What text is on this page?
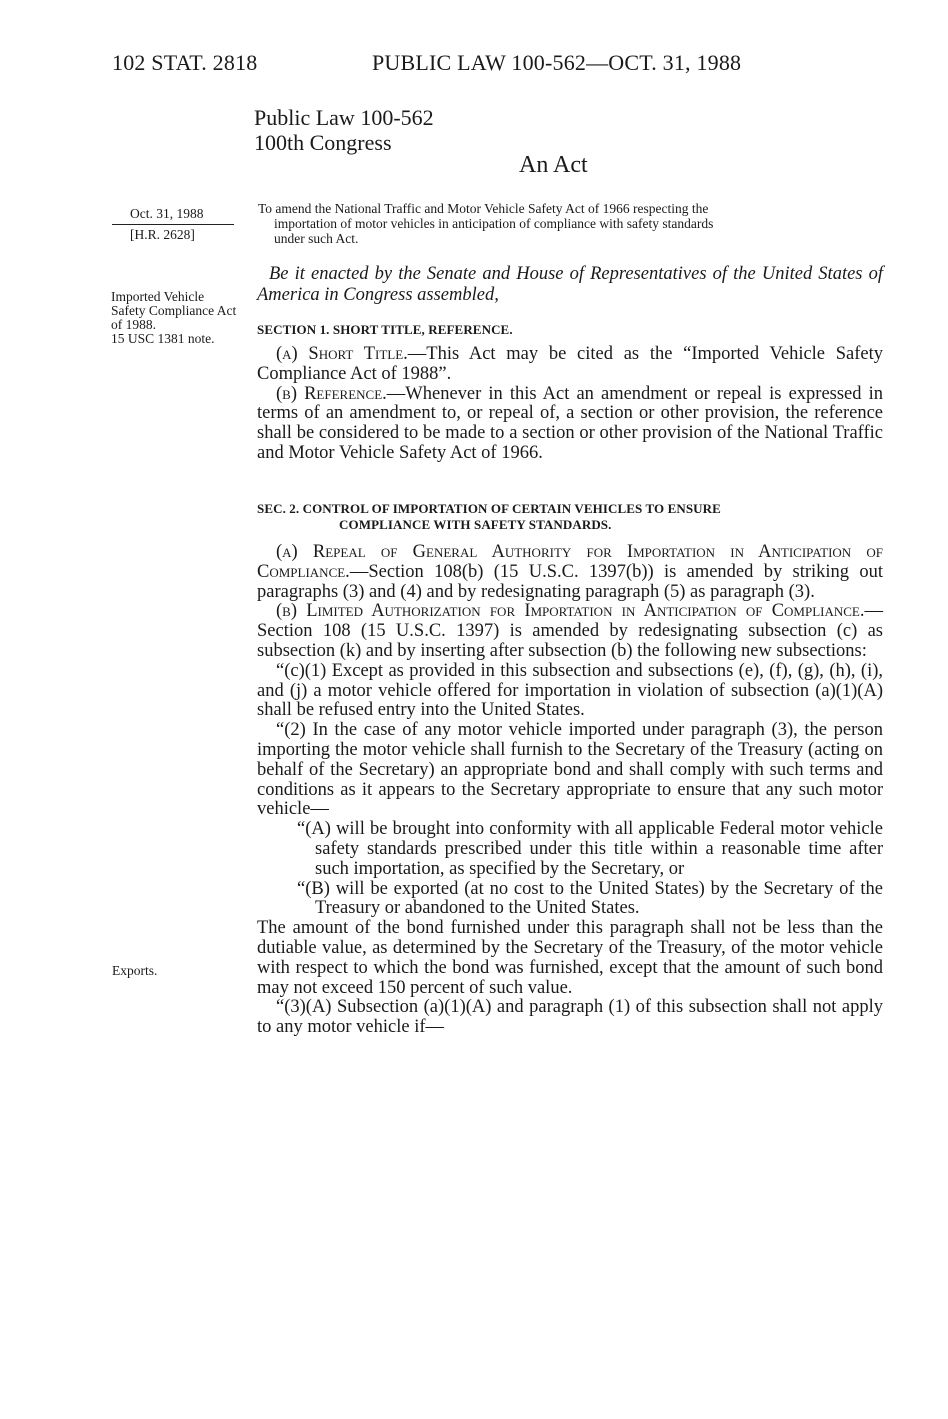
102 STAT. 2818	PUBLIC LAW 100-562—OCT. 31, 1988
Public Law 100-562
100th Congress
An Act
Oct. 31, 1988
[H.R. 2628]
Imported Vehicle Safety Compliance Act of 1988.
15 USC 1381 note.
Exports.
To amend the National Traffic and Motor Vehicle Safety Act of 1966 respecting the
importation of motor vehicles in anticipation of compliance with safety standards
under such Act.
Be it enacted by the Senate and House of Representatives of the United States of America in Congress assembled,
SECTION 1. SHORT TITLE, REFERENCE.

(a) Short Title.—This Act may be cited as the “Imported Vehicle Safety Compliance Act of 1988”.

(b) Reference.—Whenever in this Act an amendment or repeal is expressed in terms of an amendment to, or repeal of, a section or other provision, the reference shall be considered to be made to a section or other provision of the National Traffic and Motor Vehicle Safety Act of 1966.

SEC. 2. CONTROL OF IMPORTATION OF CERTAIN VEHICLES TO ENSURE
COMPLIANCE WITH SAFETY STANDARDS.

(a) Repeal of General Authority for Importation in Anticipation of Compliance.—Section 108(b) (15 U.S.C. 1397(b)) is amended by striking out paragraphs (3) and (4) and by redesignating paragraph (5) as paragraph (3).

(b) Limited Authorization for Importation in Anticipation of Compliance.—Section 108 (15 U.S.C. 1397) is amended by redesignating subsection (c) as subsection (k) and by inserting after subsection (b) the following new subsections:

“(c)(1) Except as provided in this subsection and subsections (e), (f), (g), (h), (i), and (j) a motor vehicle offered for importation in violation of subsection (a)(1)(A) shall be refused entry into the United States.

“(2) In the case of any motor vehicle imported under paragraph (3), the person importing the motor vehicle shall furnish to the Secretary of the Treasury (acting on behalf of the Secretary) an appropriate bond and shall comply with such terms and conditions as it appears to the Secretary appropriate to ensure that any such motor vehicle—

“(A) will be brought into conformity with all applicable Federal motor vehicle safety standards prescribed under this title within a reasonable time after such importation, as specified by the Secretary, or

“(B) will be exported (at no cost to the United States) by the Secretary of the Treasury or abandoned to the United States.

The amount of the bond furnished under this paragraph shall not be less than the dutiable value, as determined by the Secretary of the Treasury, of the motor vehicle with respect to which the bond was furnished, except that the amount of such bond may not exceed 150 percent of such value.

“(3)(A) Subsection (a)(1)(A) and paragraph (1) of this subsection shall not apply to any motor vehicle if—
